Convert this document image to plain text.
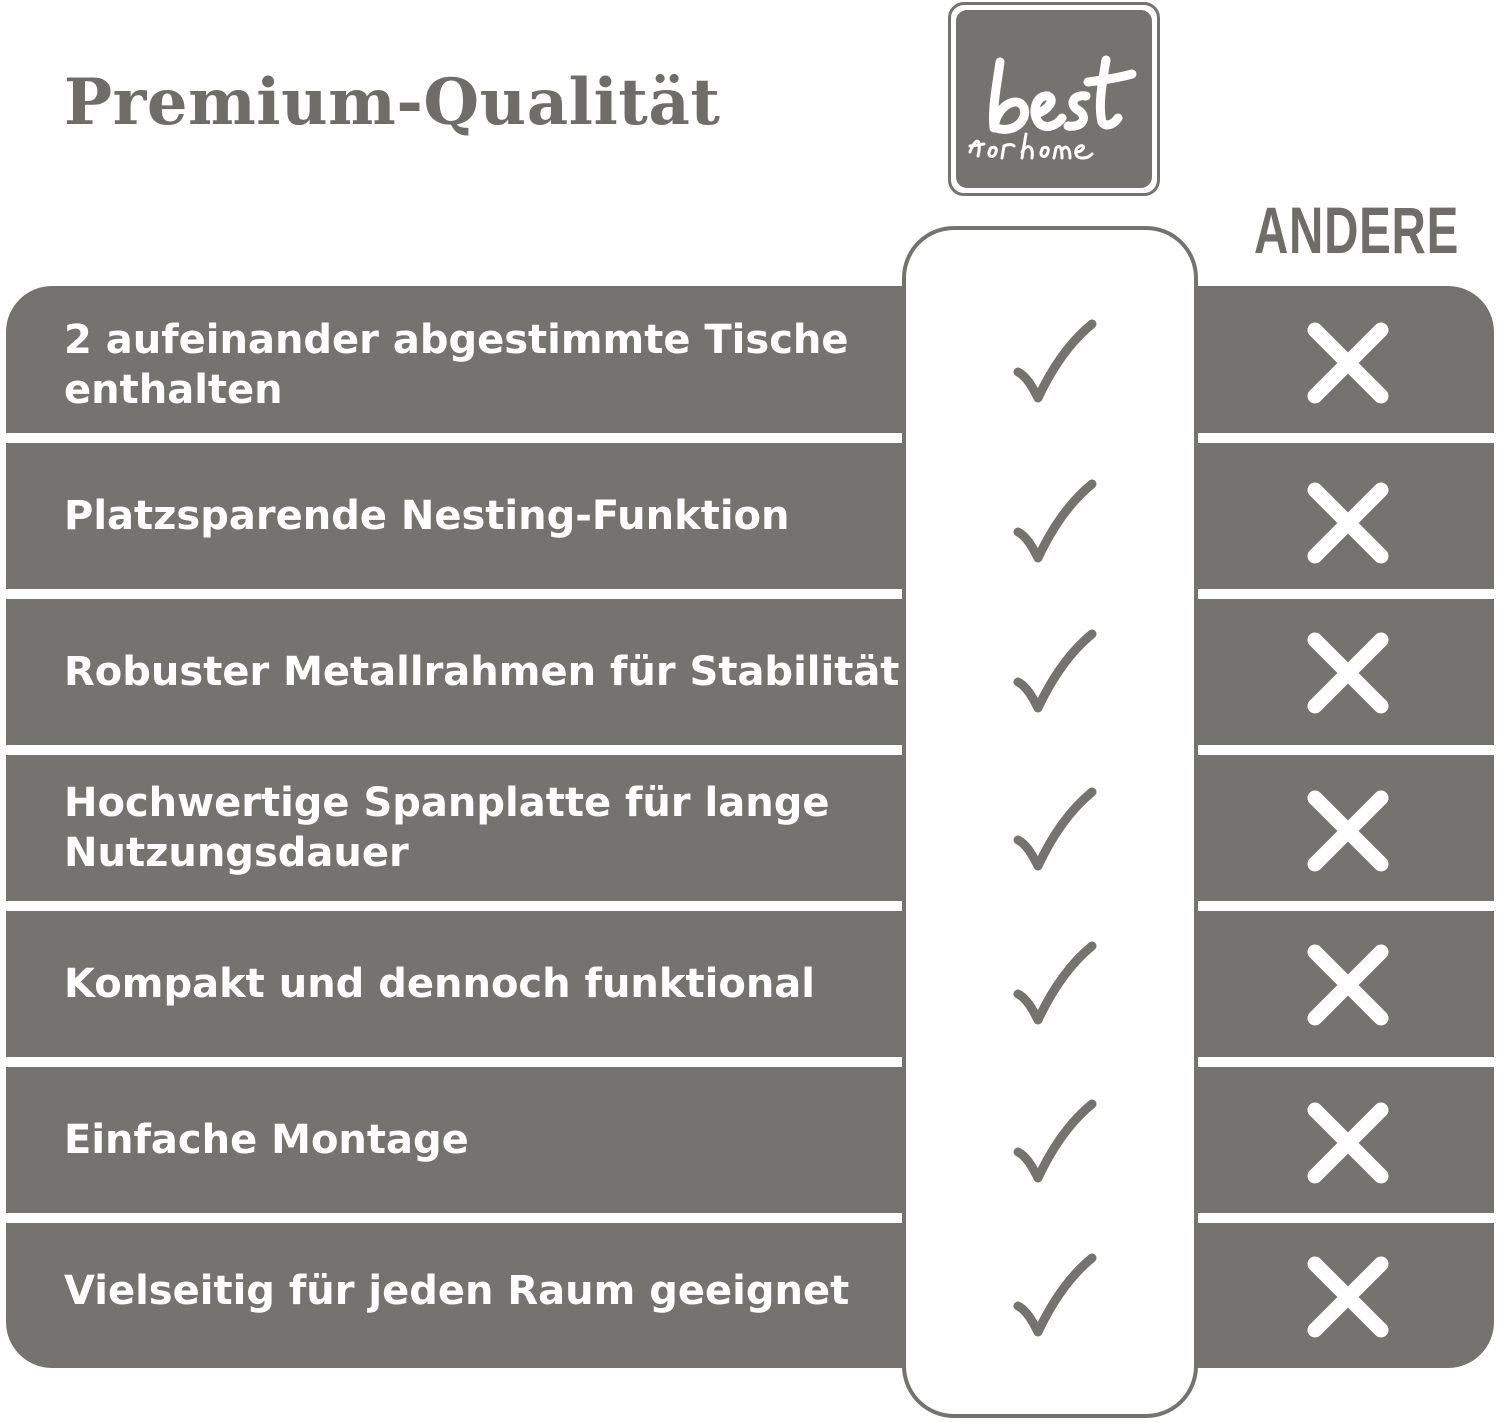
Premium-Qualität
ANDERE
2 aufeinander abgestimmte Tische enthalten
Platzsparende Nesting-Funktion
Robuster Metallrahmen für Stabilität
Hochwertige Spanplatte für lange Nutzungsdauer
Kompakt und dennoch funktional
Einfache Montage
Vielseitig für jeden Raum geeignet
